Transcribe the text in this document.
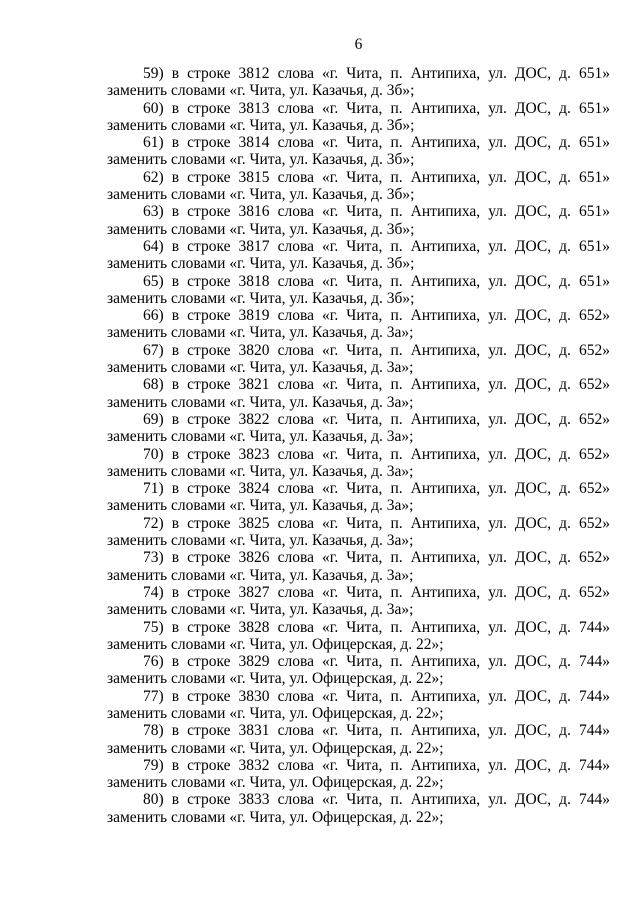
6
59) в строке 3812 слова «г. Чита, п. Антипиха, ул. ДОС, д. 651»
заменить словами «г. Чита, ул. Казачья, д. 3б»;
60) в строке 3813 слова «г. Чита, п. Антипиха, ул. ДОС, д. 651»
заменить словами «г. Чита, ул. Казачья, д. 3б»;
61) в строке 3814 слова «г. Чита, п. Антипиха, ул. ДОС, д. 651»
заменить словами «г. Чита, ул. Казачья, д. 3б»;
62) в строке 3815 слова «г. Чита, п. Антипиха, ул. ДОС, д. 651»
заменить словами «г. Чита, ул. Казачья, д. 3б»;
63) в строке 3816 слова «г. Чита, п. Антипиха, ул. ДОС, д. 651»
заменить словами «г. Чита, ул. Казачья, д. 3б»;
64) в строке 3817 слова «г. Чита, п. Антипиха, ул. ДОС, д. 651»
заменить словами «г. Чита, ул. Казачья, д. 3б»;
65) в строке 3818 слова «г. Чита, п. Антипиха, ул. ДОС, д. 651»
заменить словами «г. Чита, ул. Казачья, д. 3б»;
66) в строке 3819 слова «г. Чита, п. Антипиха, ул. ДОС, д. 652»
заменить словами «г. Чита, ул. Казачья, д. 3а»;
67) в строке 3820 слова «г. Чита, п. Антипиха, ул. ДОС, д. 652»
заменить словами «г. Чита, ул. Казачья, д. 3а»;
68) в строке 3821 слова «г. Чита, п. Антипиха, ул. ДОС, д. 652»
заменить словами «г. Чита, ул. Казачья, д. 3а»;
69) в строке 3822 слова «г. Чита, п. Антипиха, ул. ДОС, д. 652»
заменить словами «г. Чита, ул. Казачья, д. 3а»;
70) в строке 3823 слова «г. Чита, п. Антипиха, ул. ДОС, д. 652»
заменить словами «г. Чита, ул. Казачья, д. 3а»;
71) в строке 3824 слова «г. Чита, п. Антипиха, ул. ДОС, д. 652»
заменить словами «г. Чита, ул. Казачья, д. 3а»;
72) в строке 3825 слова «г. Чита, п. Антипиха, ул. ДОС, д. 652»
заменить словами «г. Чита, ул. Казачья, д. 3а»;
73) в строке 3826 слова «г. Чита, п. Антипиха, ул. ДОС, д. 652»
заменить словами «г. Чита, ул. Казачья, д. 3а»;
74) в строке 3827 слова «г. Чита, п. Антипиха, ул. ДОС, д. 652»
заменить словами «г. Чита, ул. Казачья, д. 3а»;
75) в строке 3828 слова «г. Чита, п. Антипиха, ул. ДОС, д. 744»
заменить словами «г. Чита, ул. Офицерская, д. 22»;
76) в строке 3829 слова «г. Чита, п. Антипиха, ул. ДОС, д. 744»
заменить словами «г. Чита, ул. Офицерская, д. 22»;
77) в строке 3830 слова «г. Чита, п. Антипиха, ул. ДОС, д. 744»
заменить словами «г. Чита, ул. Офицерская, д. 22»;
78) в строке 3831 слова «г. Чита, п. Антипиха, ул. ДОС, д. 744»
заменить словами «г. Чита, ул. Офицерская, д. 22»;
79) в строке 3832 слова «г. Чита, п. Антипиха, ул. ДОС, д. 744»
заменить словами «г. Чита, ул. Офицерская, д. 22»;
80) в строке 3833 слова «г. Чита, п. Антипиха, ул. ДОС, д. 744»
заменить словами «г. Чита, ул. Офицерская, д. 22»;
